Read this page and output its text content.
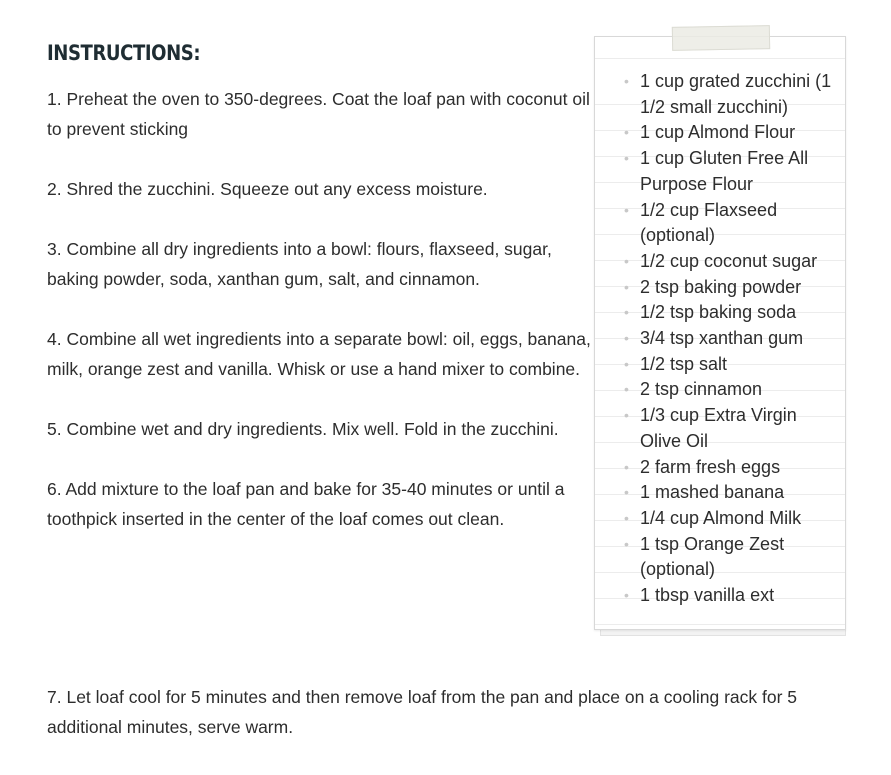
INSTRUCTIONS:
1. Preheat the oven to 350-degrees. Coat the loaf pan with coconut oil to prevent sticking
2. Shred the zucchini. Squeeze out any excess moisture.
3. Combine all dry ingredients into a bowl: flours, flaxseed, sugar, baking powder, soda, xanthan gum, salt, and cinnamon.
4. Combine all wet ingredients into a separate bowl: oil, eggs, banana, milk, orange zest and vanilla. Whisk or use a hand mixer to combine.
5. Combine wet and dry ingredients. Mix well. Fold in the zucchini.
6. Add mixture to the loaf pan and bake for 35-40 minutes or until a toothpick inserted in the center of the loaf comes out clean.

7. Let loaf cool for 5 minutes and then remove loaf from the pan and place on a cooling rack for 5 additional minutes, serve warm.

• 1 cup grated zucchini (1 1/2 small zucchini)
• 1 cup Almond Flour
• 1 cup Gluten Free All Purpose Flour
• 1/2 cup Flaxseed (optional)
• 1/2 cup coconut sugar
• 2 tsp baking powder
• 1/2 tsp baking soda
• 3/4 tsp xanthan gum
• 1/2 tsp salt
• 2 tsp cinnamon
• 1/3 cup Extra Virgin Olive Oil
• 2 farm fresh eggs
• 1 mashed banana
• 1/4 cup Almond Milk
• 1 tsp Orange Zest (optional)
• 1 tbsp vanilla ext
